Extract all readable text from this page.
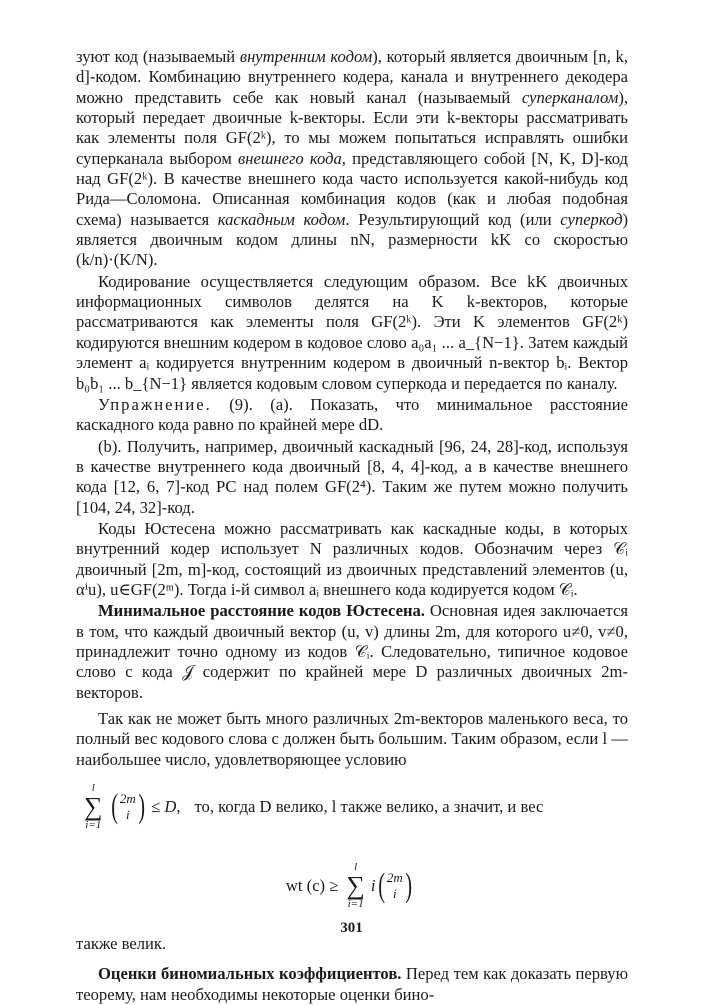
зуют код (называемый внутренним кодом), который является двоичным [n, k, d]-кодом. Комбинацию внутреннего кодера, канала и внутреннего декодера можно представить себе как новый канал (называемый суперканалом), который передает двоичные k-векторы. Если эти k-векторы рассматривать как элементы поля GF(2ᵏ), то мы можем попытаться исправлять ошибки суперканала выбором внешнего кода, представляющего собой [N, K, D]-код над GF(2ᵏ). В качестве внешнего кода часто используется какой-нибудь код Рида—Соломона. Описанная комбинация кодов (как и любая подобная схема) называется каскадным кодом. Результирующий код (или суперкод) является двоичным кодом длины nN, размерности kK со скоростью (k/n)·(K/N).

Кодирование осуществляется следующим образом. Все kK двоичных информационных символов делятся на K k-векторов, которые рассматриваются как элементы поля GF(2ᵏ). Эти K элементов GF(2ᵏ) кодируются внешним кодером в кодовое слово a₀a₁ ... a_{N−1}. Затем каждый элемент aᵢ кодируется внутренним кодером в двоичный n-вектор bᵢ. Вектор b₀b₁ ... b_{N−1} является кодовым словом суперкода и передается по каналу.

Упражнение. (9). (a). Показать, что минимальное расстояние каскадного кода равно по крайней мере dD.

(b). Получить, например, двоичный каскадный [96, 24, 28]-код, используя в качестве внутреннего кода двоичный [8, 4, 4]-код, а в качестве внешнего кода [12, 6, 7]-код РС над полем GF(2⁴). Таким же путем можно получить [104, 24, 32]-код.

Коды Юстесена можно рассматривать как каскадные коды, в которых внутренний кодер использует N различных кодов. Обозначим через 𝒞ᵢ двоичный [2m, m]-код, состоящий из двоичных представлений элементов (u, αⁱu), u∈GF(2ᵐ). Тогда i-й символ aᵢ внешнего кода кодируется кодом 𝒞ᵢ.

Минимальное расстояние кодов Юстесена. Основная идея заключается в том, что каждый двоичный вектор (u, v) длины 2m, для которого u≠0, v≠0, принадлежит точно одному из кодов 𝒞ᵢ. Следовательно, типичное кодовое слово c кода 𝒥 содержит по крайней мере D различных двоичных 2m-векторов.

Так как не может быть много различных 2m-векторов маленького веса, то полный вес кодового слова c должен быть большим. Таким образом, если l — наибольшее число, удовлетворяющее условию

l
∑
i=1 ( 2m
i ) ≤ D, то, когда D велико, l также велико, а значит, и вес
wt (c) ≥
l
∑
i=1
i ( 2m
i )

также велик.

Оценки биномиальных коэффициентов. Перед тем как доказать первую теорему, нам необходимы некоторые оценки бино-

301
